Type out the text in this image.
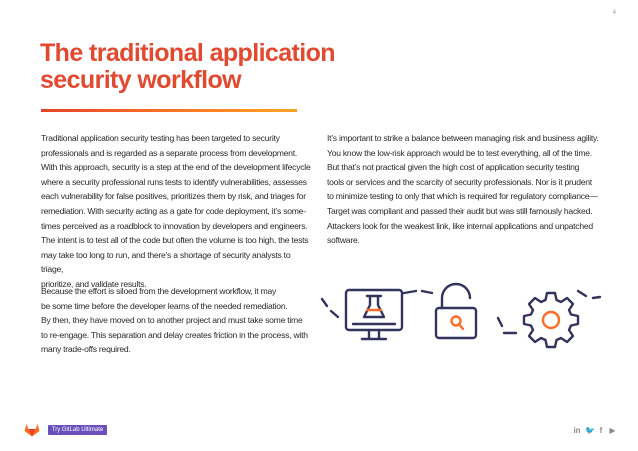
4
The traditional application
security workflow

Traditional application security testing has been targeted to security

professionals and is regarded as a separate process from development.

With this approach, security is a step at the end of the development lifecycle

where a security professional runs tests to identify vulnerabilities, assesses

each vulnerability for false positives, prioritizes them by risk, and triages for

remediation. With security acting as a gate for code deployment, it’s some-

times perceived as a roadblock to innovation by developers and engineers.

The intent is to test all of the code but often the volume is too high, the tests

may take too long to run, and there’s a shortage of security analysts to triage,

prioritize, and validate results.

Because the effort is siloed from the development workflow, it may

be some time before the developer learns of the needed remediation.

By then, they have moved on to another project and must take some time

to re-engage. This separation and delay creates friction in the process, with

many trade-offs required.

It’s important to strike a balance between managing risk and business agility.

You know the low-risk approach would be to test everything, all of the time.

But that’s not practical given the high cost of application security testing

tools or services and the scarcity of security professionals. Nor is it prudent

to minimize testing to only that which is required for regulatory compliance—

Target was compliant and passed their audit but was still famously hacked.

Attackers look for the weakest link, like internal applications and unpatched

software.

Try GitLab Ultimate	in 🐦 f ▶
